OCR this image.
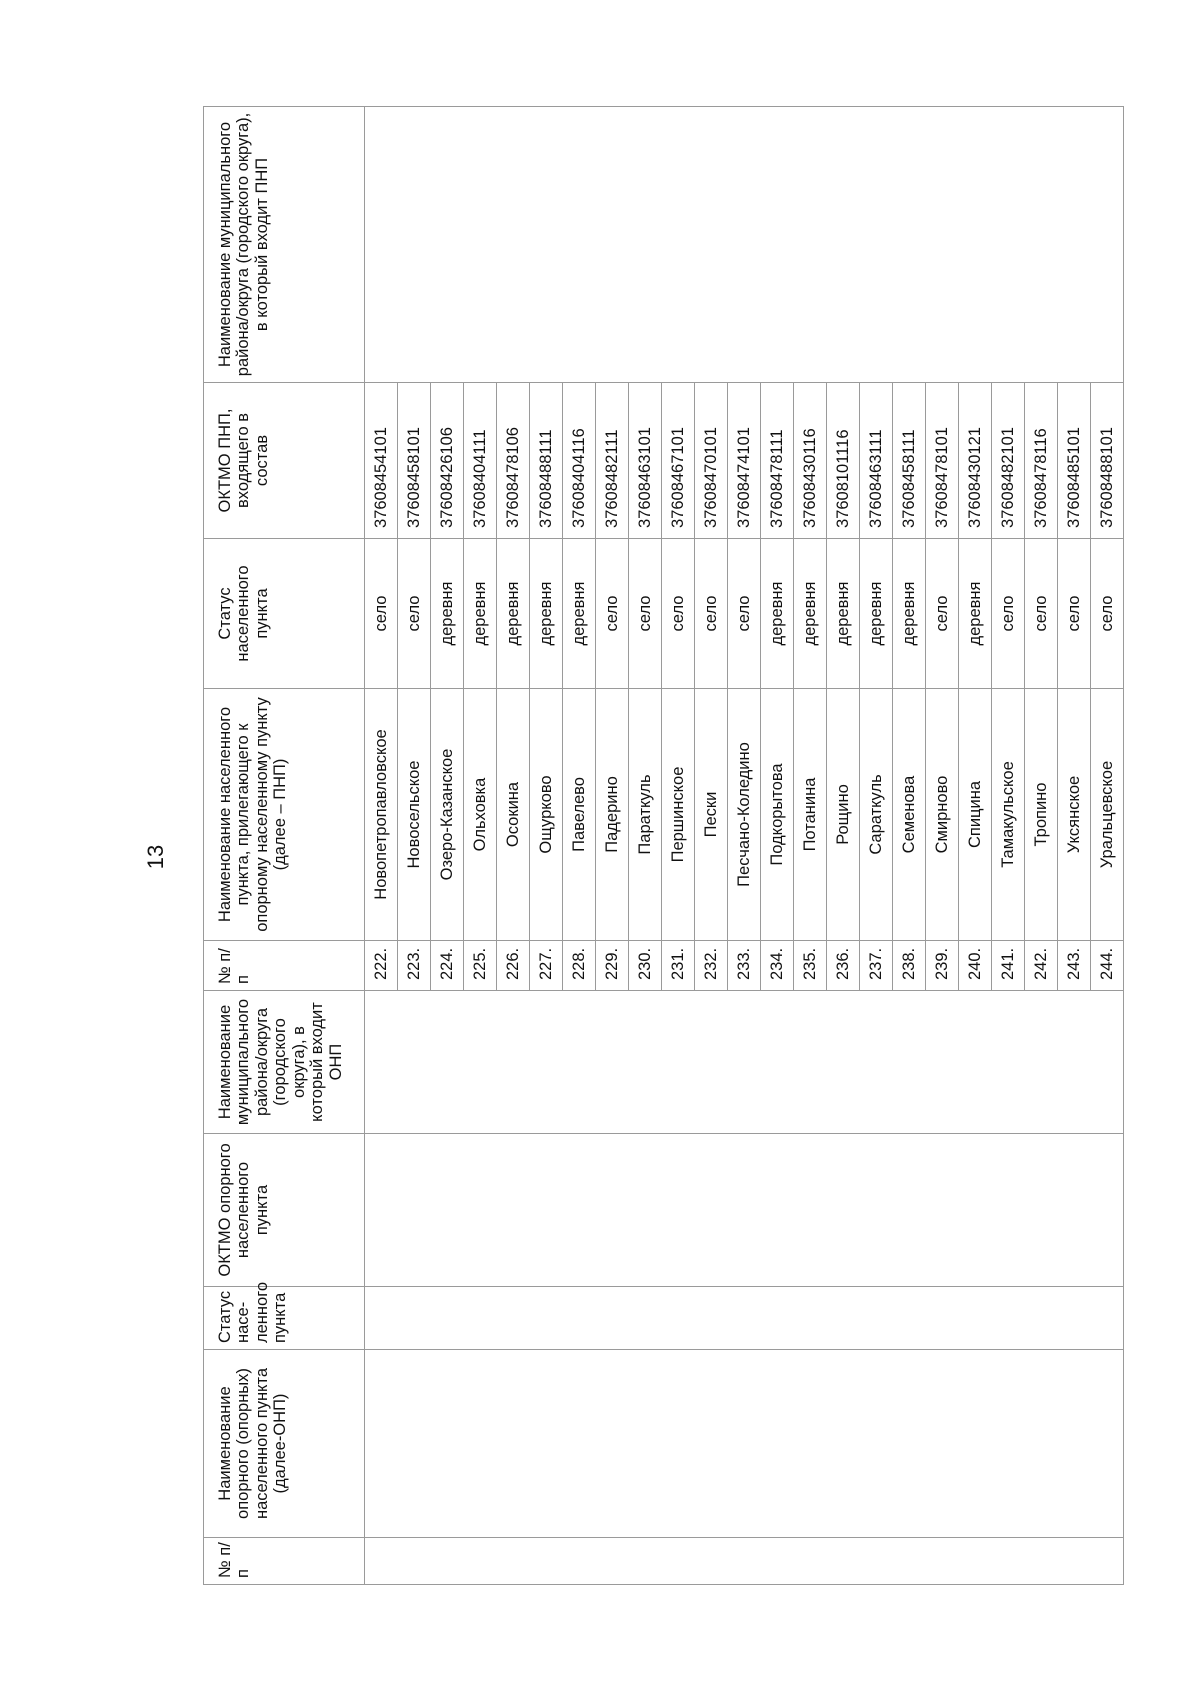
13
№ п/п	Наименование опорного (опорных) населенного пункта (далее-ОНП)	Статус насе-ленного пункта	ОКТМО опорного населенного пункта	Наименование муниципального района/округа (городского округа), в который входит ОНП	№ п/п	Наименование населенного пункта, прилегающего к опорному населенному пункту (далее – ПНП)	Статус населенного пункта	ОКТМО ПНП, входящего в состав	Наименование муниципального района/округа (городского округа), в который входит ПНП
					222.	Новопетропавловское	село	37608454101	
					223.	Новосельское	село	37608458101	
					224.	Озеро-Казанское	деревня	37608426106	
					225.	Ольховка	деревня	37608404111	
					226.	Осокина	деревня	37608478106	
					227.	Ощурково	деревня	37608488111	
					228.	Павелево	деревня	37608404116	
					229.	Падерино	село	37608482111	
					230.	Параткуль	село	37608463101	
					231.	Першинское	село	37608467101	
					232.	Пески	село	37608470101	
					233.	Песчано-Коледино	село	37608474101	
					234.	Подкорытова	деревня	37608478111	
					235.	Потанина	деревня	37608430116	
					236.	Рощино	деревня	37608101116	
					237.	Сараткуль	деревня	37608463111	
					238.	Семенова	деревня	37608458111	
					239.	Смирново	село	37608478101	
					240.	Спицина	деревня	37608430121	
					241.	Тамакульское	село	37608482101	
					242.	Тропино	село	37608478116	
					243.	Уксянское	село	37608485101	
					244.	Уральцевское	село	37608488101	
